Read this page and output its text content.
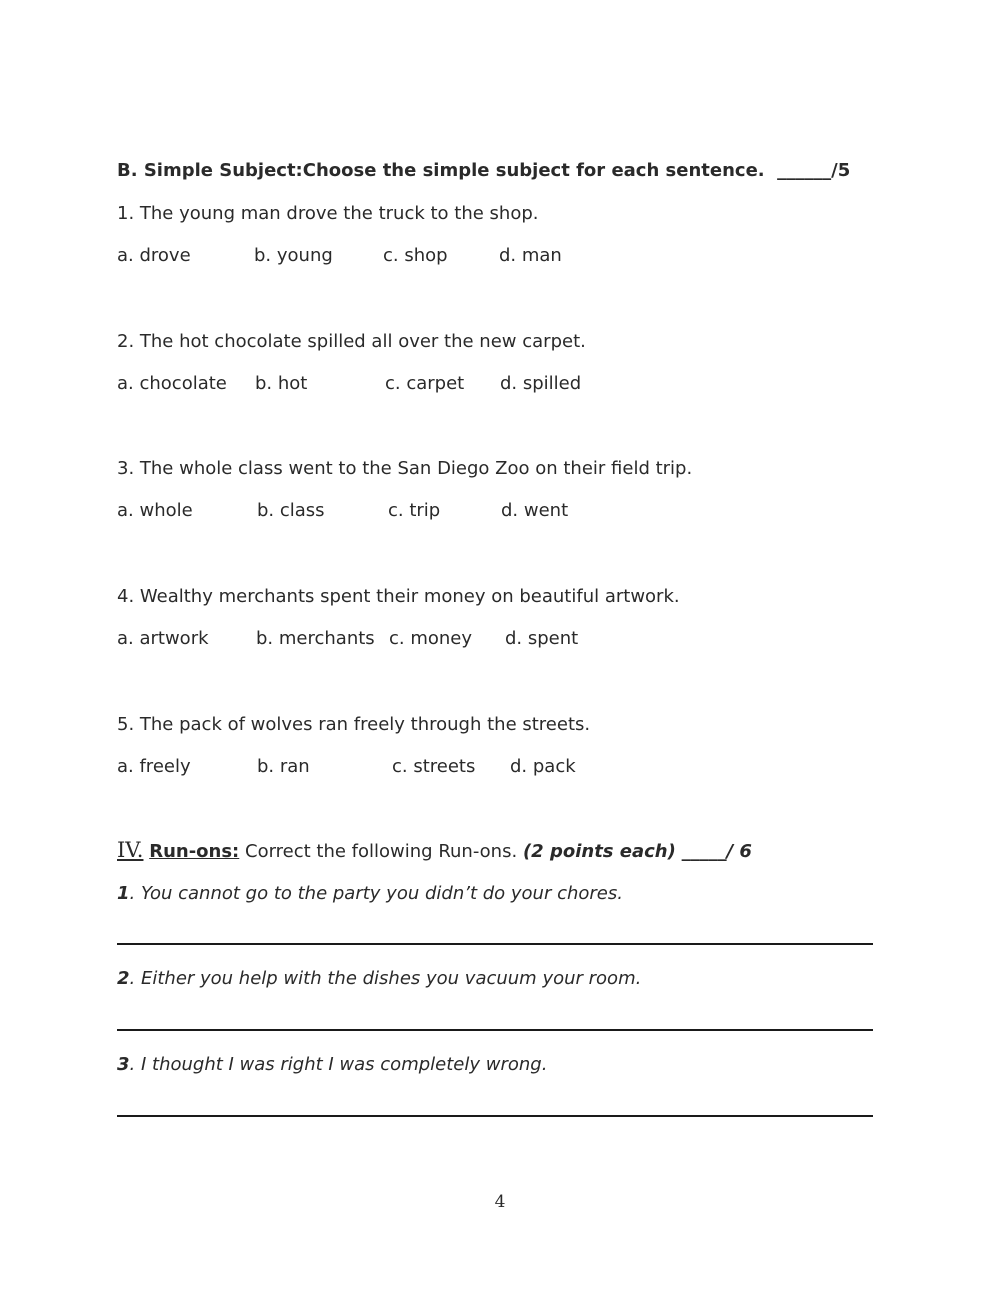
B. Simple Subject:Choose the simple subject for each sentence. ______/5
1. The young man drove the truck to the shop.
a. drove	b. young	c. shop	d. man
2. The hot chocolate spilled all over the new carpet.
a. chocolate b. hot	c. carpet d. spilled
3. The whole class went to the San Diego Zoo on their field trip.
a. whole	b. class	c. trip	d. went
4. Wealthy merchants spent their money on beautiful artwork.
a. artwork	b. merchants c. money d. spent
5. The pack of wolves ran freely through the streets.
a. freely	b. ran	c. streets d. pack
IV. Run-ons: Correct the following Run-ons. (2 points each) _____/ 6
1. You cannot go to the party you didn’t do your chores.
2. Either you help with the dishes you vacuum your room.
3. I thought I was right I was completely wrong.
4
